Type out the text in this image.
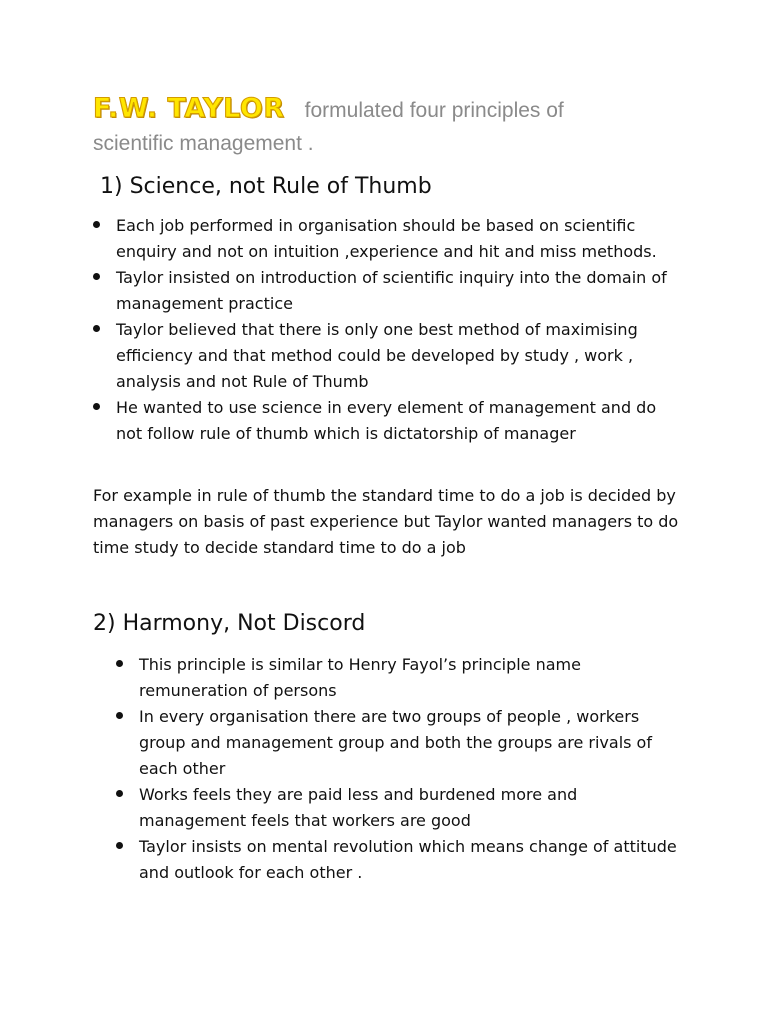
F.W. TAYLOR formulated four principles of
scientific management .
1) Science, not Rule of Thumb
Each job performed in organisation should be based on scientific enquiry and not on intuition ,experience and hit and miss methods.
Taylor insisted on introduction of scientific inquiry into the domain of management practice
Taylor believed that there is only one best method of maximising efficiency and that method could be developed by study , work , analysis and not Rule of Thumb
He wanted to use science in every element of management and do not follow rule of thumb which is dictatorship of manager

For example in rule of thumb the standard time to do a job is decided by managers on basis of past experience but Taylor wanted managers to do time study to decide standard time to do a job

2) Harmony, Not Discord
This principle is similar to Henry Fayol’s principle name remuneration of persons
In every organisation there are two groups of people , workers group and management group and both the groups are rivals of each other
Works feels they are paid less and burdened more and management feels that workers are good
Taylor insists on mental revolution which means change of attitude and outlook for each other .
